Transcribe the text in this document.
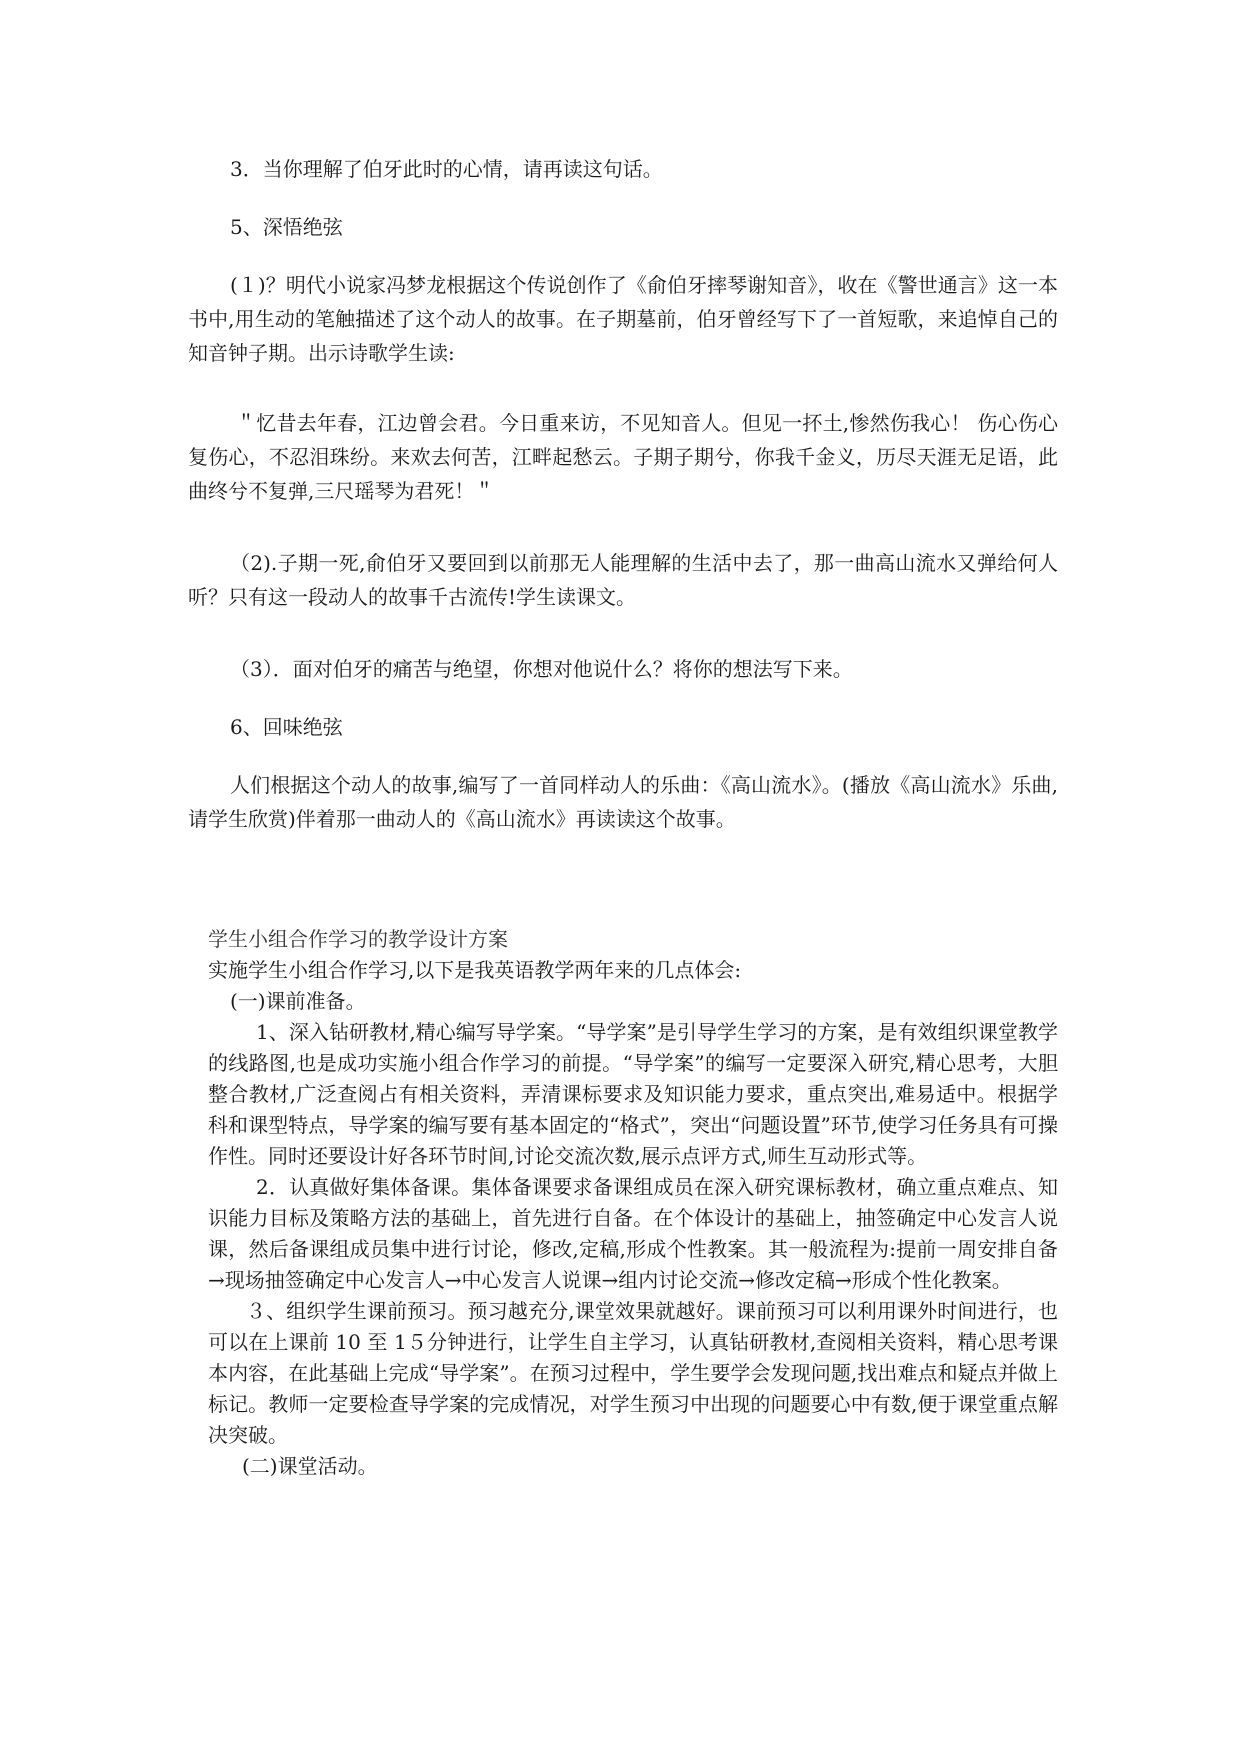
3．当你理解了伯牙此时的心情，请再读这句话。

5、深悟绝弦

(１)？明代小说家冯梦龙根据这个传说创作了《俞伯牙摔琴谢知音》，收在《警世通言》这一本书中,用生动的笔触描述了这个动人的故事。在子期墓前，伯牙曾经写下了一首短歌，来追悼自己的知音钟子期。出示诗歌学生读:

＂忆昔去年春，江边曾会君。今日重来访，不见知音人。但见一抔土,惨然伤我心！ 伤心伤心复伤心，不忍泪珠纷。来欢去何苦，江畔起愁云。子期子期兮，你我千金义，历尽天涯无足语，此曲终兮不复弹,三尺瑶琴为君死！＂

（2).子期一死,俞伯牙又要回到以前那无人能理解的生活中去了，那一曲高山流水又弹给何人听？只有这一段动人的故事千古流传!学生读课文。

（3）．面对伯牙的痛苦与绝望，你想对他说什么？将你的想法写下来。

6、回味绝弦

人们根据这个动人的故事,编写了一首同样动人的乐曲：《高山流水》。(播放《高山流水》乐曲,请学生欣赏)伴着那一曲动人的《高山流水》再读读这个故事。

学生小组合作学习的教学设计方案

实施学生小组合作学习,以下是我英语教学两年来的几点体会:

(一)课前准备。

1、深入钻研教材,精心编写导学案。“导学案”是引导学生学习的方案，是有效组织课堂教学的线路图,也是成功实施小组合作学习的前提。“导学案”的编写一定要深入研究,精心思考，大胆整合教材,广泛查阅占有相关资料，弄清课标要求及知识能力要求，重点突出,难易适中。根据学科和课型特点，导学案的编写要有基本固定的“格式”，突出“问题设置”环节,使学习任务具有可操作性。同时还要设计好各环节时间,讨论交流次数,展示点评方式,师生互动形式等。

2．认真做好集体备课。集体备课要求备课组成员在深入研究课标教材，确立重点难点、知识能力目标及策略方法的基础上，首先进行自备。在个体设计的基础上，抽签确定中心发言人说课，然后备课组成员集中进行讨论，修改,定稿,形成个性教案。其一般流程为:提前一周安排自备→现场抽签确定中心发言人→中心发言人说课→组内讨论交流→修改定稿→形成个性化教案。

３、组织学生课前预习。预习越充分,课堂效果就越好。课前预习可以利用课外时间进行，也可以在上课前 10 至 1５分钟进行，让学生自主学习，认真钻研教材,查阅相关资料，精心思考课本内容，在此基础上完成“导学案”。在预习过程中，学生要学会发现问题,找出难点和疑点并做上标记。教师一定要检查导学案的完成情况，对学生预习中出现的问题要心中有数,便于课堂重点解决突破。

(二)课堂活动。
